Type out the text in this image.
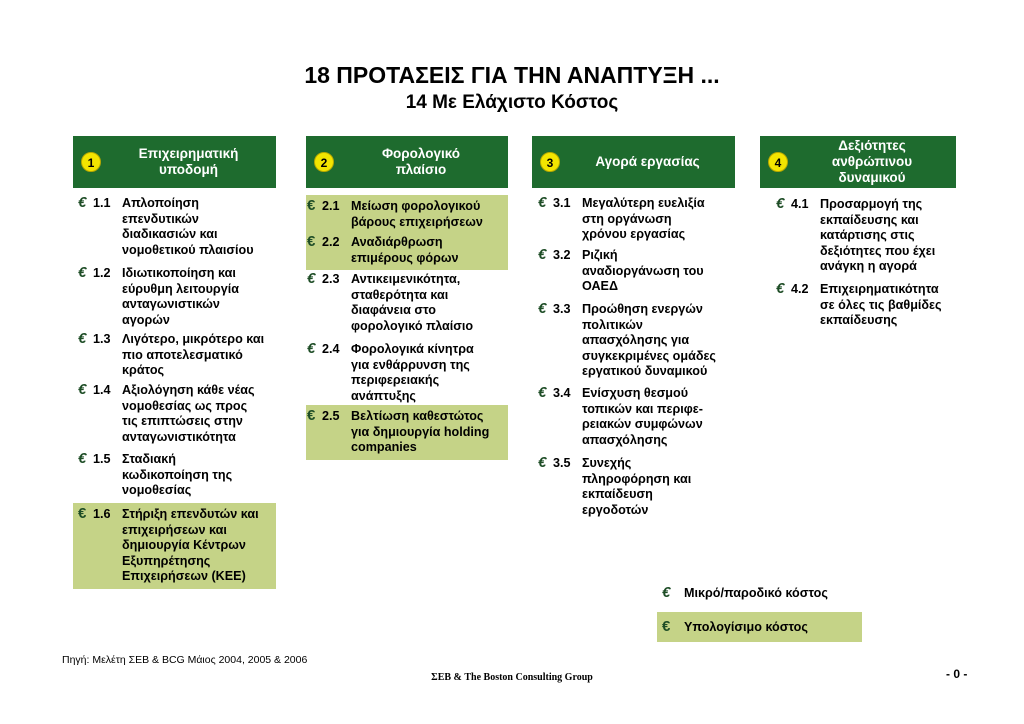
18 ΠΡΟΤΑΣΕΙΣ ΓΙΑ ΤΗΝ ΑΝΑΠΤΥΞΗ ...
14 Με Ελάχιστο Κόστος
1
Επιχειρηματική
υποδομή
€ 1.1 Απλοποίηση
επενδυτικών
διαδικασιών και
νομοθετικού πλαισίου
€ 1.2 Ιδιωτικοποίηση και
εύρυθμη λειτουργία
ανταγωνιστικών
αγορών
€ 1.3 Λιγότερο, μικρότερο και
πιο αποτελεσματικό
κράτος
€ 1.4 Αξιολόγηση κάθε νέας
νομοθεσίας ως προς
τις επιπτώσεις στην
ανταγωνιστικότητα
€ 1.5 Σταδιακή
κωδικοποίηση της
νομοθεσίας
€ 1.6 Στήριξη επενδυτών και
επιχειρήσεων και
δημιουργία Κέντρων
Εξυπηρέτησης
Επιχειρήσεων (ΚΕΕ)
2
Φορολογικό
πλαίσιο
€ 2.1 Μείωση φορολογικού
βάρους επιχειρήσεων
€ 2.2 Αναδιάρθρωση
επιμέρους φόρων
€ 2.3 Αντικειμενικότητα,
σταθερότητα και
διαφάνεια στο
φορολογικό πλαίσιο
€ 2.4 Φορολογικά κίνητρα
για ενθάρρυνση της
περιφερειακής
ανάπτυξης
€ 2.5 Βελτίωση καθεστώτος
για δημιουργία holding
companies
3	Αγορά εργασίας
€ 3.1 Μεγαλύτερη ευελιξία
στη οργάνωση
χρόνου εργασίας
€ 3.2 Ριζική
αναδιοργάνωση του
ΟΑΕΔ
€ 3.3 Προώθηση ενεργών
πολιτικών
απασχόλησης για
συγκεκριμένες ομάδες
εργατικού δυναμικού
€ 3.4 Ενίσχυση θεσμού
τοπικών και περιφε-
ρειακών συμφώνων
απασχόλησης
€ 3.5 Συνεχής
πληροφόρηση και
εκπαίδευση
εργοδοτών
4
Δεξιότητες
ανθρώπινου
δυναμικού
€ 4.1 Προσαρμογή της
εκπαίδευσης και
κατάρτισης στις
δεξιότητες που έχει
ανάγκη η αγορά
€ 4.2 Επιχειρηματικότητα
σε όλες τις βαθμίδες
εκπαίδευσης
€	Μικρό/παροδικό κόστος
€	Υπολογίσιμο κόστος
Πηγή: Μελέτη ΣΕΒ & BCG Μάιος 2004, 2005 & 2006
ΣΕΒ & The Boston Consulting Group	- 0 -
